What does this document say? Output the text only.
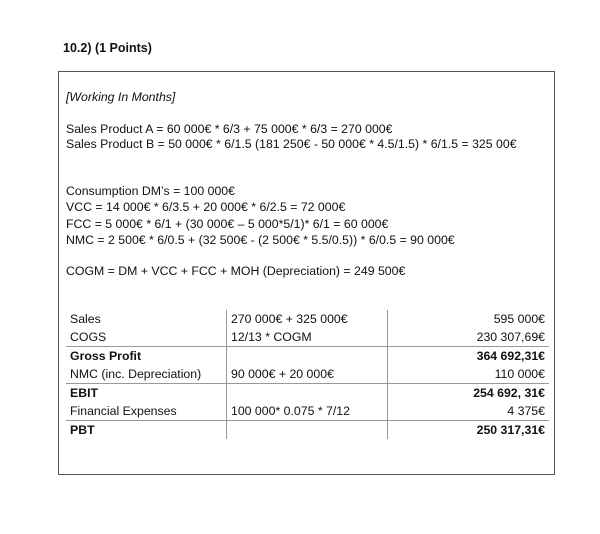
10.2) (1 Points)
[Working In Months]
Sales Product A = 60 000€ * 6/3 + 75 000€ * 6/3 = 270 000€
Sales Product B = 50 000€ * 6/1.5 (181 250€ - 50 000€ * 4.5/1.5) * 6/1.5 = 325 00€
Consumption DM’s = 100 000€
VCC = 14 000€ * 6/3.5 + 20 000€ * 6/2.5 = 72 000€
FCC = 5 000€ * 6/1 + (30 000€ – 5 000*5/1)* 6/1 = 60 000€
NMC = 2 500€ * 6/0.5 + (32 500€ - (2 500€ * 5.5/0.5)) * 6/0.5 = 90 000€
COGM = DM + VCC + FCC + MOH (Depreciation) = 249 500€
Sales	270 000€ + 325 000€	595 000€
COGS	12/13 * COGM	230 307,69€
Gross Profit		364 692,31€
NMC (inc. Depreciation)	90 000€ + 20 000€	110 000€
EBIT		254 692, 31€
Financial Expenses	100 000* 0.075 * 7/12	4 375€
PBT		250 317,31€
